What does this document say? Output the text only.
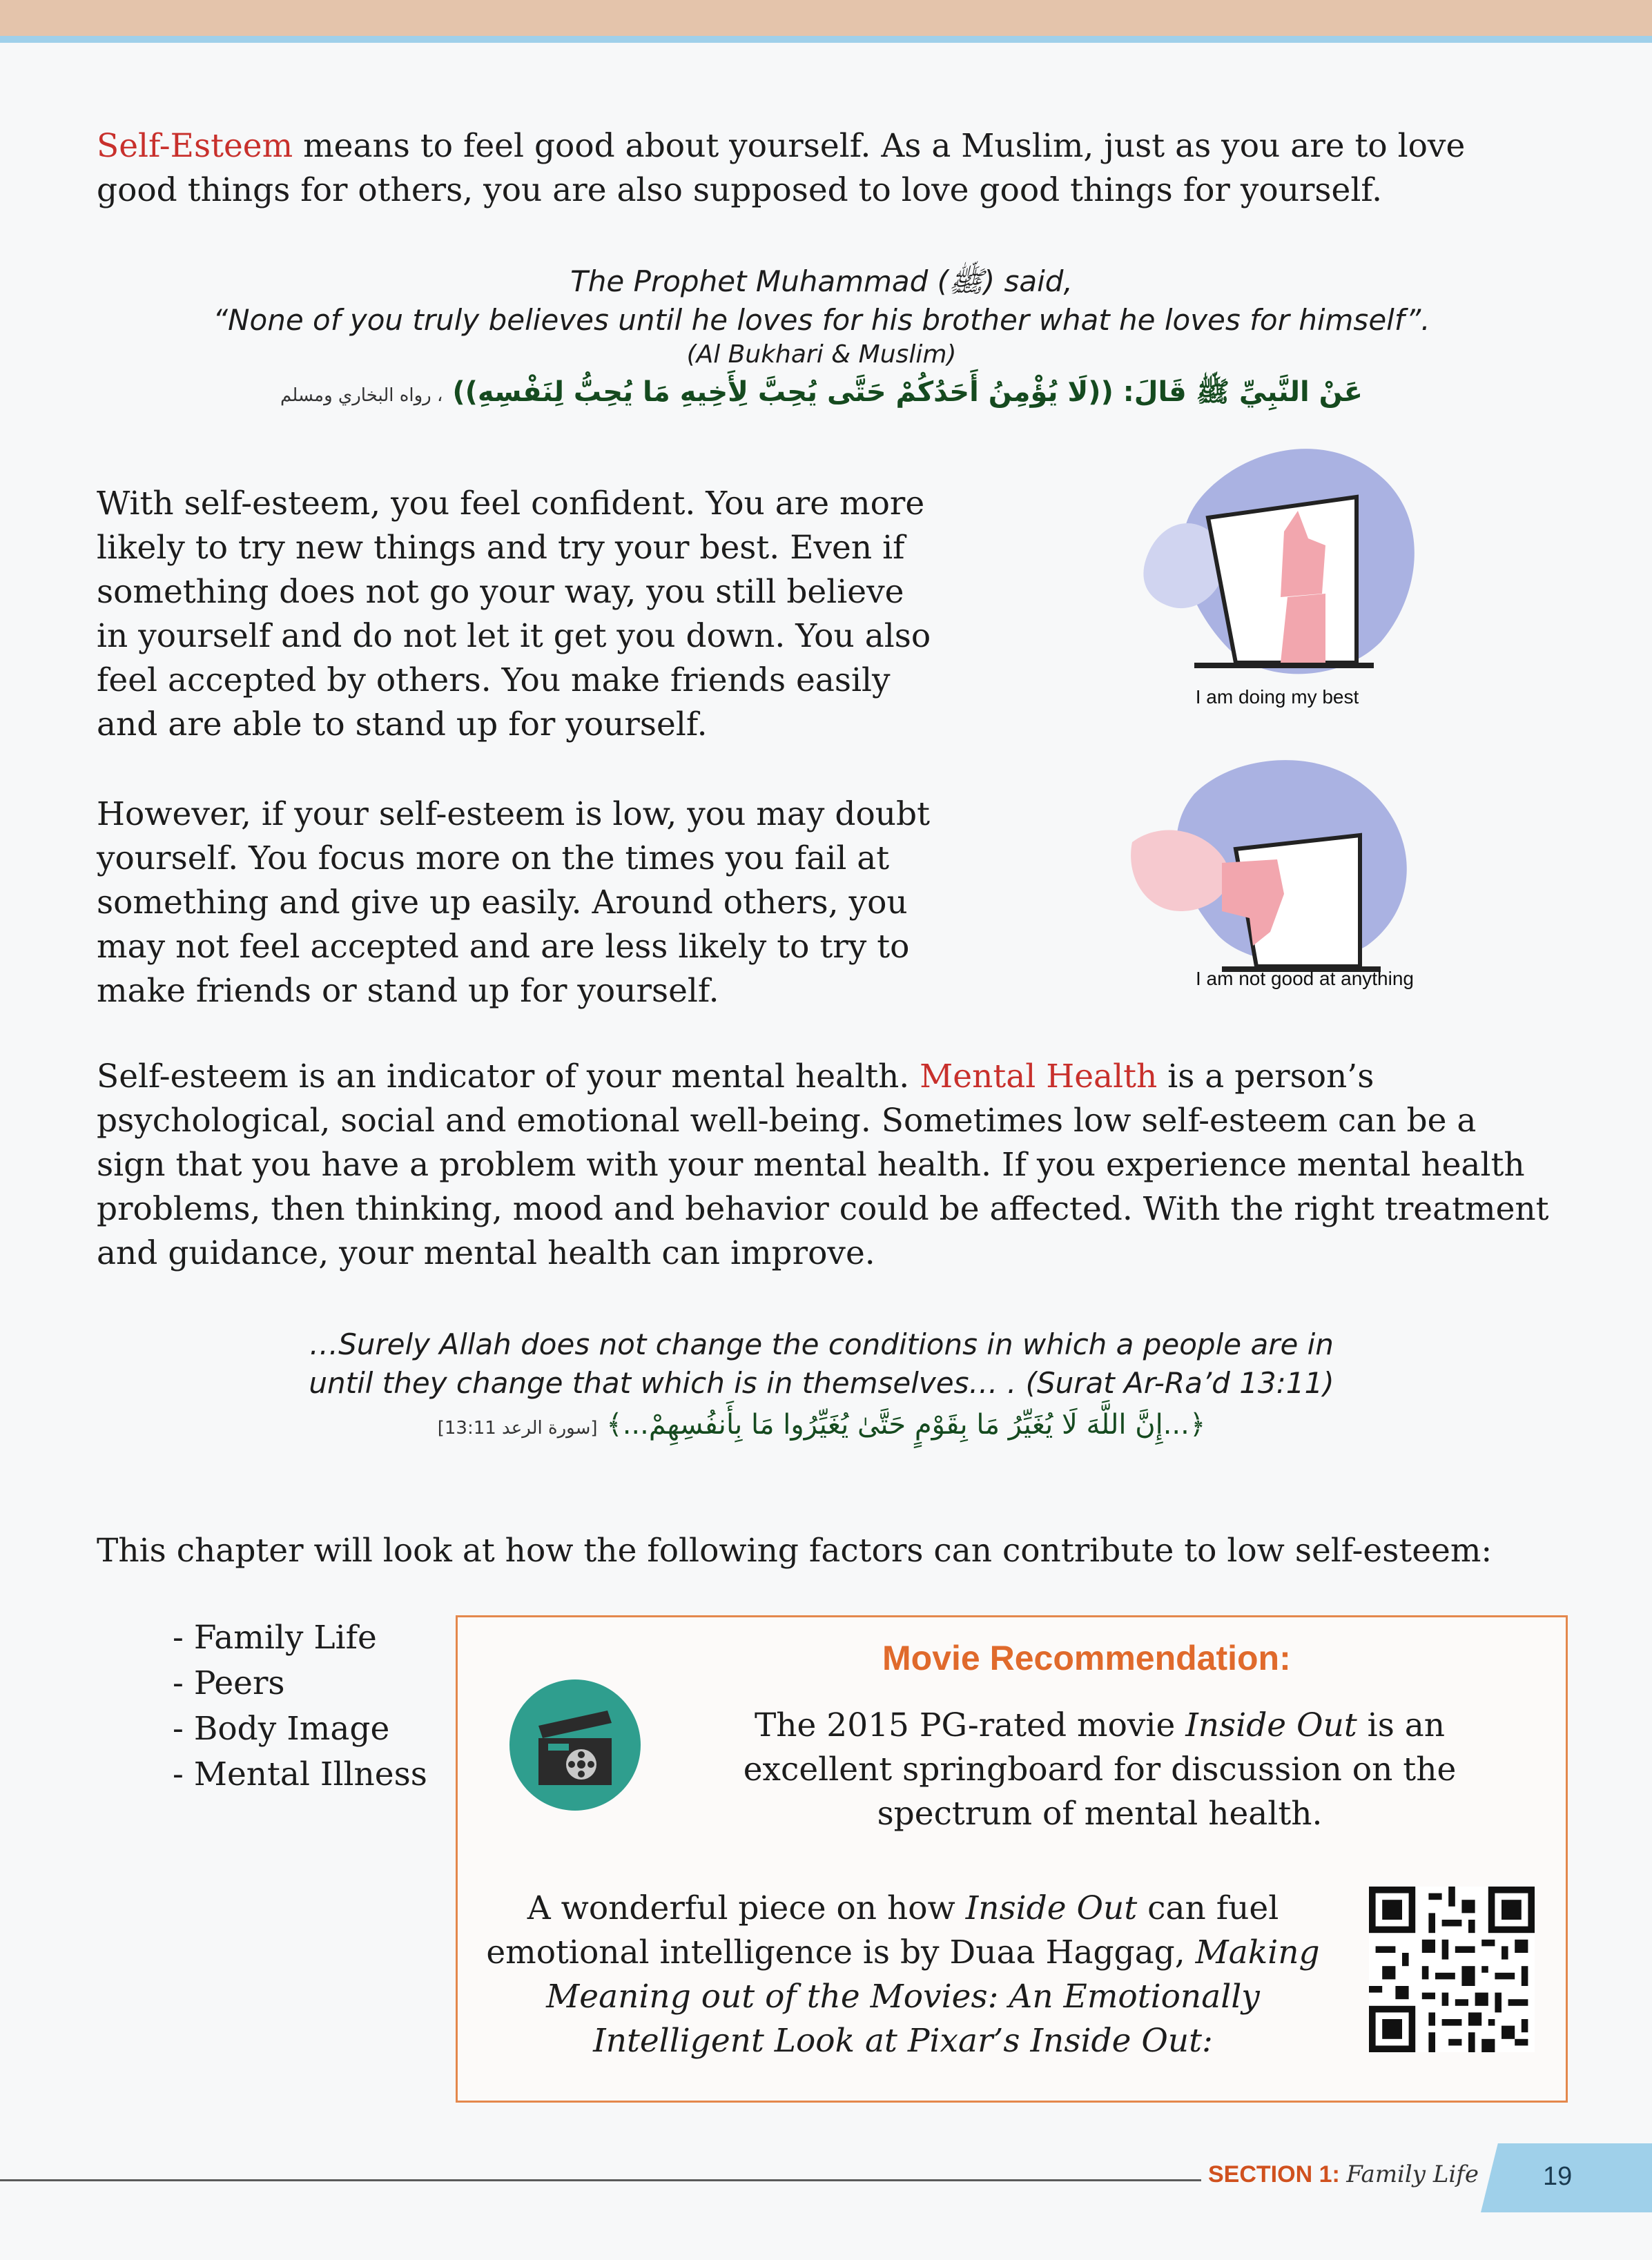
Self-Esteem means to feel good about yourself. As a Muslim, just as you are to love good things for others, you are also supposed to love good things for yourself.

The Prophet Muhammad (ﷺ) said,

“None of you truly believes until he loves for his brother what he loves for himself”.

(Al Bukhari & Muslim)

عَنْ النَّبِيِّ ﷺ قَالَ: ((لَا يُؤْمِنُ أَحَدُكُمْ حَتَّى يُحِبَّ لِأَخِيهِ مَا يُحِبُّ لِنَفْسِهِ)) ، رواه البخاري ومسلم

With self-esteem, you feel confident. You are more likely to try new things and try your best. Even if something does not go your way, you still believe in yourself and do not let it get you down. You also feel accepted by others. You make friends easily and are able to stand up for yourself.

However, if your self-esteem is low, you may doubt yourself. You focus more on the times you fail at something and give up easily. Around others, you may not feel accepted and are less likely to try to make friends or stand up for yourself.

I am doing my best
I am not good at anything

Self-esteem is an indicator of your mental health. Mental Health is a person’s psychological, social and emotional well-being. Sometimes low self-esteem can be a sign that you have a problem with your mental health. If you experience mental health problems, then thinking, mood and behavior could be affected. With the right treatment and guidance, your mental health can improve.

…Surely Allah does not change the conditions in which a people are in

until they change that which is in themselves… . (Surat Ar-Ra’d 13:11)

﴿...إِنَّ اللَّهَ لَا يُغَيِّرُ مَا بِقَوْمٍ حَتَّىٰ يُغَيِّرُوا مَا بِأَنفُسِهِمْ...﴾ [سورة الرعد 13:11]

This chapter will look at how the following factors can contribute to low self-esteem:

- Family Life
- Peers
- Body Image
- Mental Illness
Movie Recommendation:

The 2015 PG-rated movie Inside Out is an excellent springboard for discussion on the spectrum of mental health.

A wonderful piece on how Inside Out can fuel emotional intelligence is by Duaa Haggag, Making Meaning out of the Movies: An Emotionally Intelligent Look at Pixar’s Inside Out:

SECTION 1: Family Life 19
